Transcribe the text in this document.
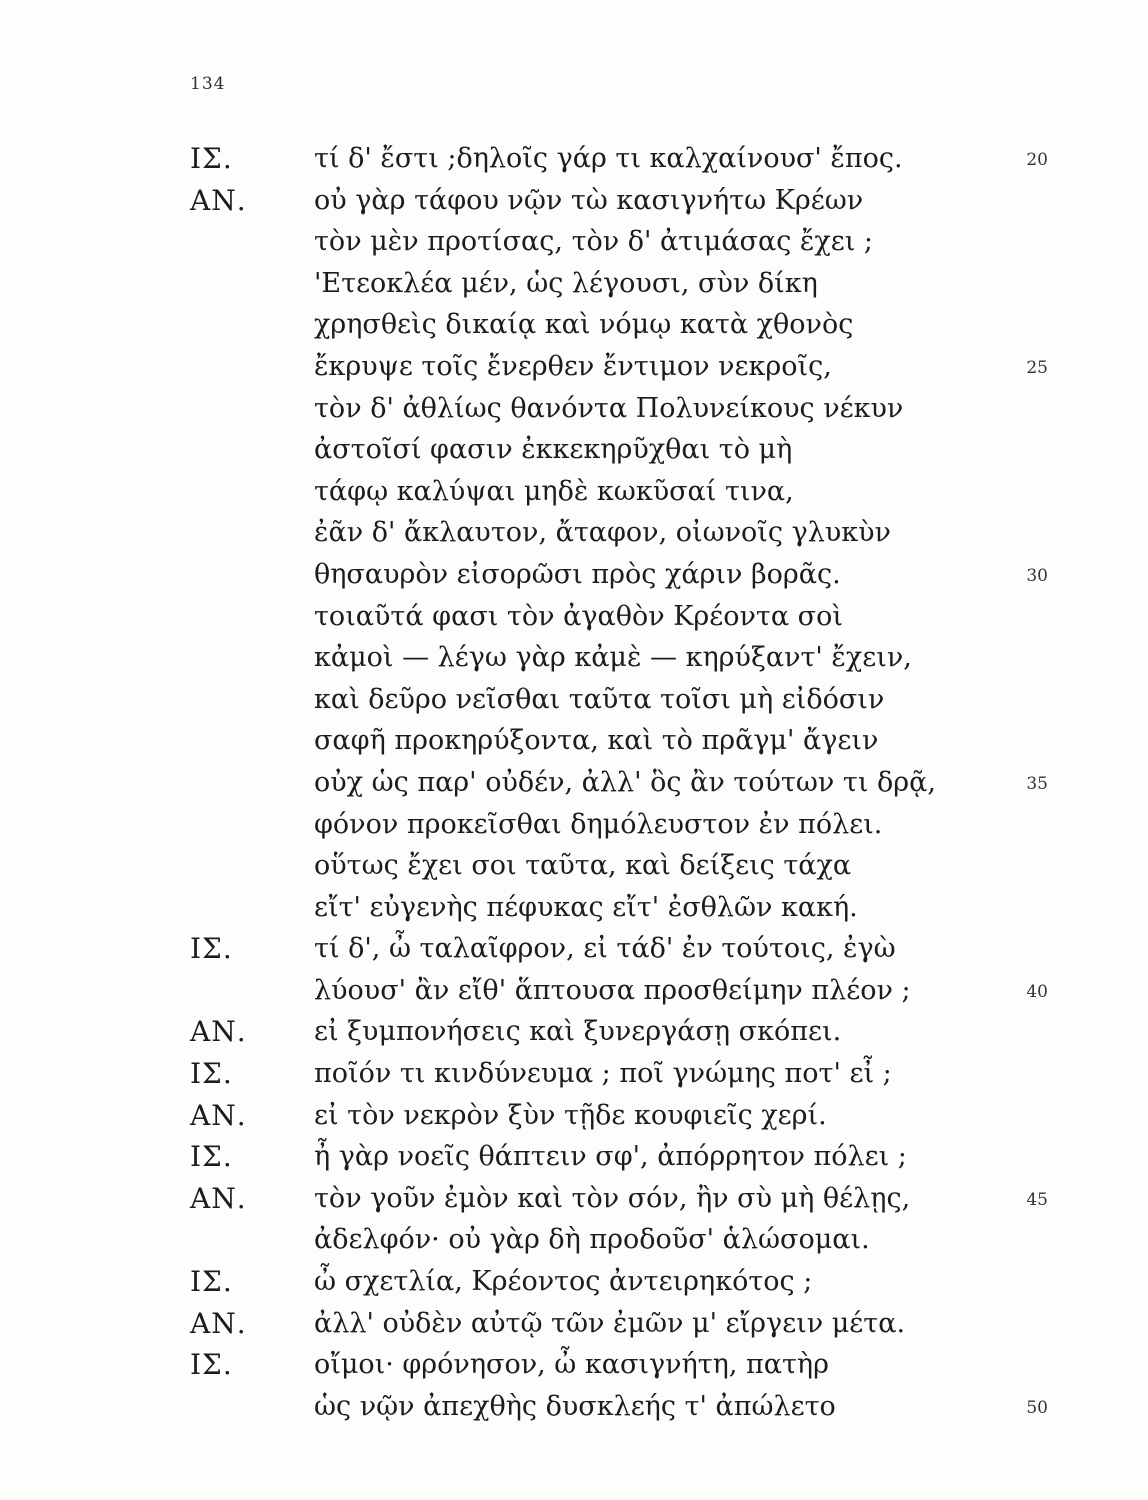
134
ΙΣ.	τί δ' ἔστι ;δηλοῖς γάρ τι καλχαίνουσ' ἔπος.	20
ΑΝ. οὐ γὰρ τάφου νῷν τὼ κασιγνήτω Κρέων
τὸν μὲν προτίσας, τὸν δ' ἀτιμάσας ἔχει ;
'Ετεοκλέα μέν, ὡς λέγουσι, σὺν δίκη
χρησθεὶς δικαίᾳ καὶ νόμῳ κατὰ χθονὸς
ἔκρυψε τοῖς ἔνερθεν ἔντιμον νεκροῖς,	25
τὸν δ' ἀθλίως θανόντα Πολυνείκους νέκυν
ἀστοῖσί φασιν ἐκκεκηρῦχθαι τὸ μὴ
τάφῳ καλύψαι μηδὲ κωκῦσαί τινα,
ἐᾶν δ' ἄκλαυτον, ἄταφον, οἰωνοῖς γλυκὺν
θησαυρὸν εἰσορῶσι πρὸς χάριν βορᾶς.	30
τοιαῦτά φασι τὸν ἀγαθὸν Κρέοντα σοὶ
κἀμοὶ — λέγω γὰρ κἀμὲ — κηρύξαντ' ἔχειν,
καὶ δεῦρο νεῖσθαι ταῦτα τοῖσι μὴ εἰδόσιν
σαφῆ προκηρύξοντα, καὶ τὸ πρᾶγμ' ἄγειν
οὐχ ὡς παρ' οὐδέν, ἀλλ' ὃς ἂν τούτων τι δρᾷ,	35
φόνον προκεῖσθαι δημόλευστον ἐν πόλει.
οὕτως ἔχει σοι ταῦτα, καὶ δείξεις τάχα
εἴτ' εὐγενὴς πέφυκας εἴτ' ἐσθλῶν κακή.
ΙΣ.	τί δ', ὦ ταλαῖφρον, εἰ τάδ' ἐν τούτοις, ἐγὼ
λύουσ' ἂν εἴθ' ἅπτουσα προσθείμην πλέον ;	40
ΑΝ. εἰ ξυμπονήσεις καὶ ξυνεργάσῃ σκόπει.
ΙΣ.	ποῖόν τι κινδύνευμα ; ποῖ γνώμης ποτ' εἶ ;
ΑΝ. εἰ τὸν νεκρὸν ξὺν τῇδε κουφιεῖς χερί.
ΙΣ.	ἦ γὰρ νοεῖς θάπτειν σφ', ἀπόρρητον πόλει ;
ΑΝ. τὸν γοῦν ἐμὸν καὶ τὸν σόν, ἢν σὺ μὴ θέλῃς,	45
ἀδελφόν· οὐ γὰρ δὴ προδοῦσ' ἁλώσομαι.
ΙΣ.	ὦ σχετλία, Κρέοντος ἀντειρηκότος ;
ΑΝ. ἀλλ' οὐδὲν αὐτῷ τῶν ἐμῶν μ' εἴργειν μέτα.
ΙΣ.	οἴμοι· φρόνησον, ὦ κασιγνήτη, πατὴρ
ὡς νῷν ἀπεχθὴς δυσκλεής τ' ἀπώλετο	50
